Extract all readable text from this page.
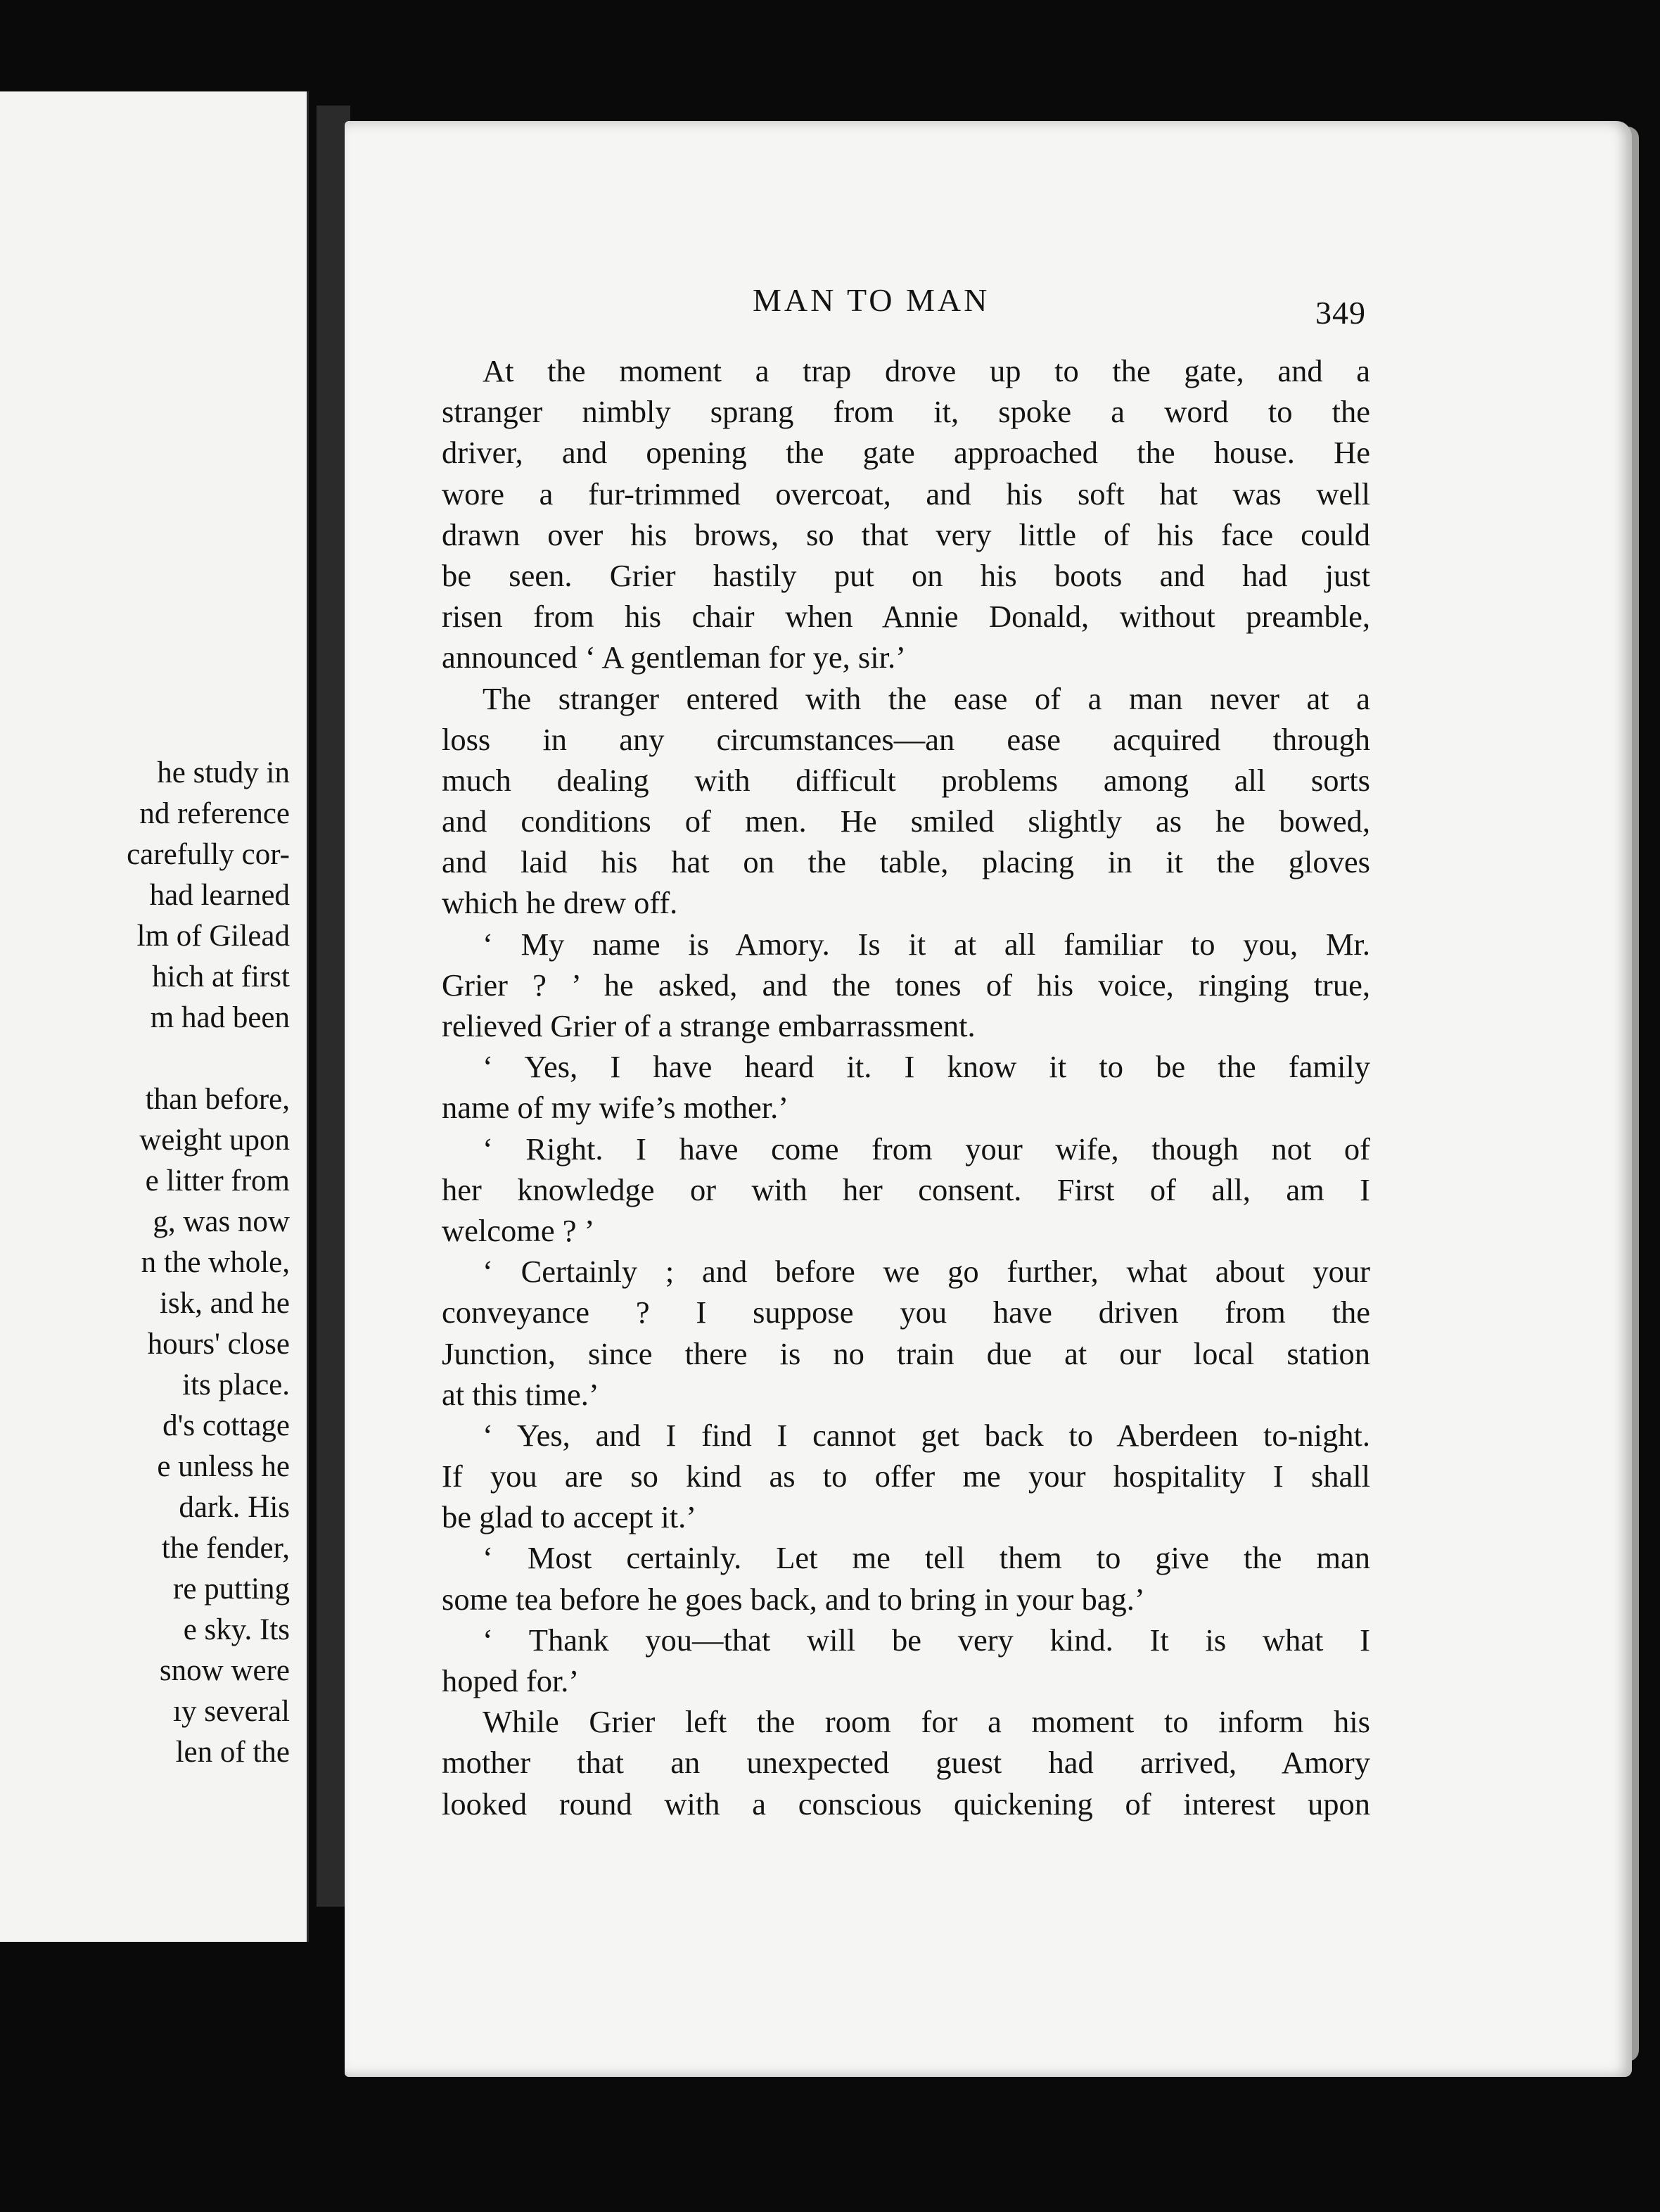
he study in
nd reference
carefully cor-
had learned
lm of Gilead
hich at first
m had been
than before,
weight upon
e litter from
g, was now
n the whole,
isk, and he
hours' close
its place.
d's cottage
e unless he
dark. His
the fender,
re putting
e sky. Its
snow were
ıy several
len of the
MAN TO MAN	349
At the moment a trap drove up to the gate, and a
stranger nimbly sprang from it, spoke a word to the
driver, and opening the gate approached the house. He
wore a fur-trimmed overcoat, and his soft hat was well
drawn over his brows, so that very little of his face could
be seen. Grier hastily put on his boots and had just
risen from his chair when Annie Donald, without preamble,
announced ‘ A gentleman for ye, sir.’
The stranger entered with the ease of a man never at a
loss in any circumstances—an ease acquired through
much dealing with difficult problems among all sorts
and conditions of men. He smiled slightly as he bowed,
and laid his hat on the table, placing in it the gloves
which he drew off.
‘ My name is Amory. Is it at all familiar to you, Mr.
Grier ? ’ he asked, and the tones of his voice, ringing true,
relieved Grier of a strange embarrassment.
‘ Yes, I have heard it. I know it to be the family
name of my wife’s mother.’
‘ Right. I have come from your wife, though not of
her knowledge or with her consent. First of all, am I
welcome ? ’
‘ Certainly ; and before we go further, what about your
conveyance ? I suppose you have driven from the
Junction, since there is no train due at our local station
at this time.’
‘ Yes, and I find I cannot get back to Aberdeen to-night.
If you are so kind as to offer me your hospitality I shall
be glad to accept it.’
‘ Most certainly. Let me tell them to give the man
some tea before he goes back, and to bring in your bag.’
‘ Thank you—that will be very kind. It is what I
hoped for.’
While Grier left the room for a moment to inform his
mother that an unexpected guest had arrived, Amory
looked round with a conscious quickening of interest upon
